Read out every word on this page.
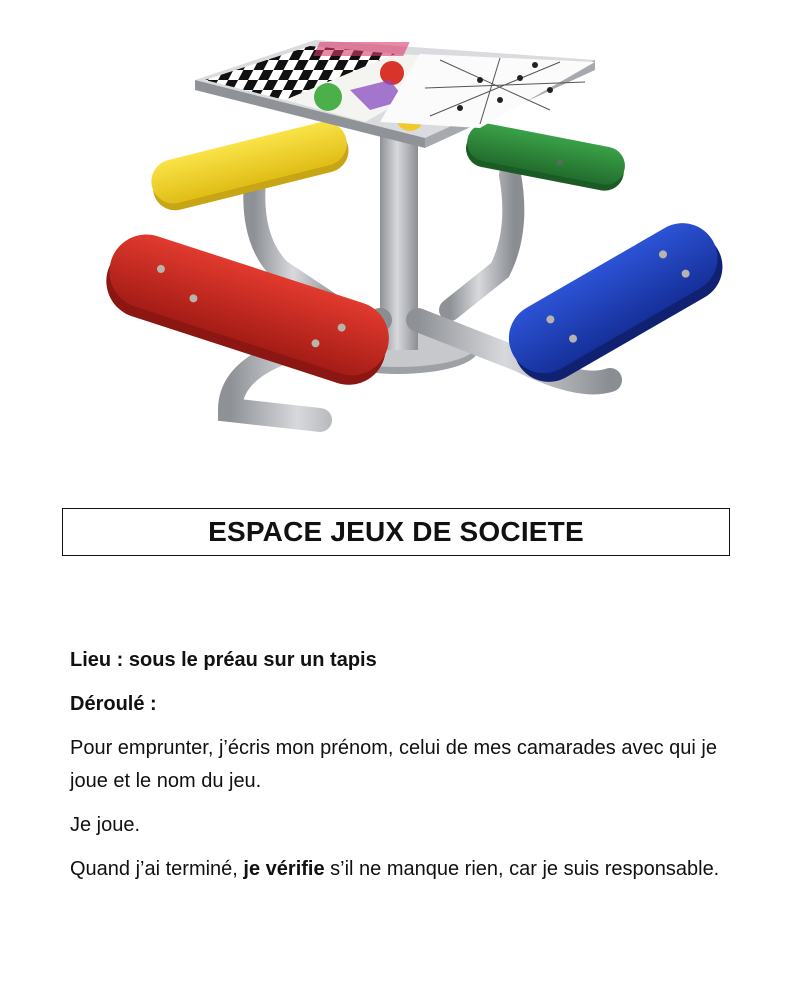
ESPACE JEUX DE SOCIETE

Lieu : sous le préau sur un tapis

Déroulé :

Pour emprunter, j’écris mon prénom, celui de mes camarades avec qui je joue et le nom du jeu.

Je joue.

Quand j’ai terminé, je vérifie s’il ne manque rien, car je suis responsable.
